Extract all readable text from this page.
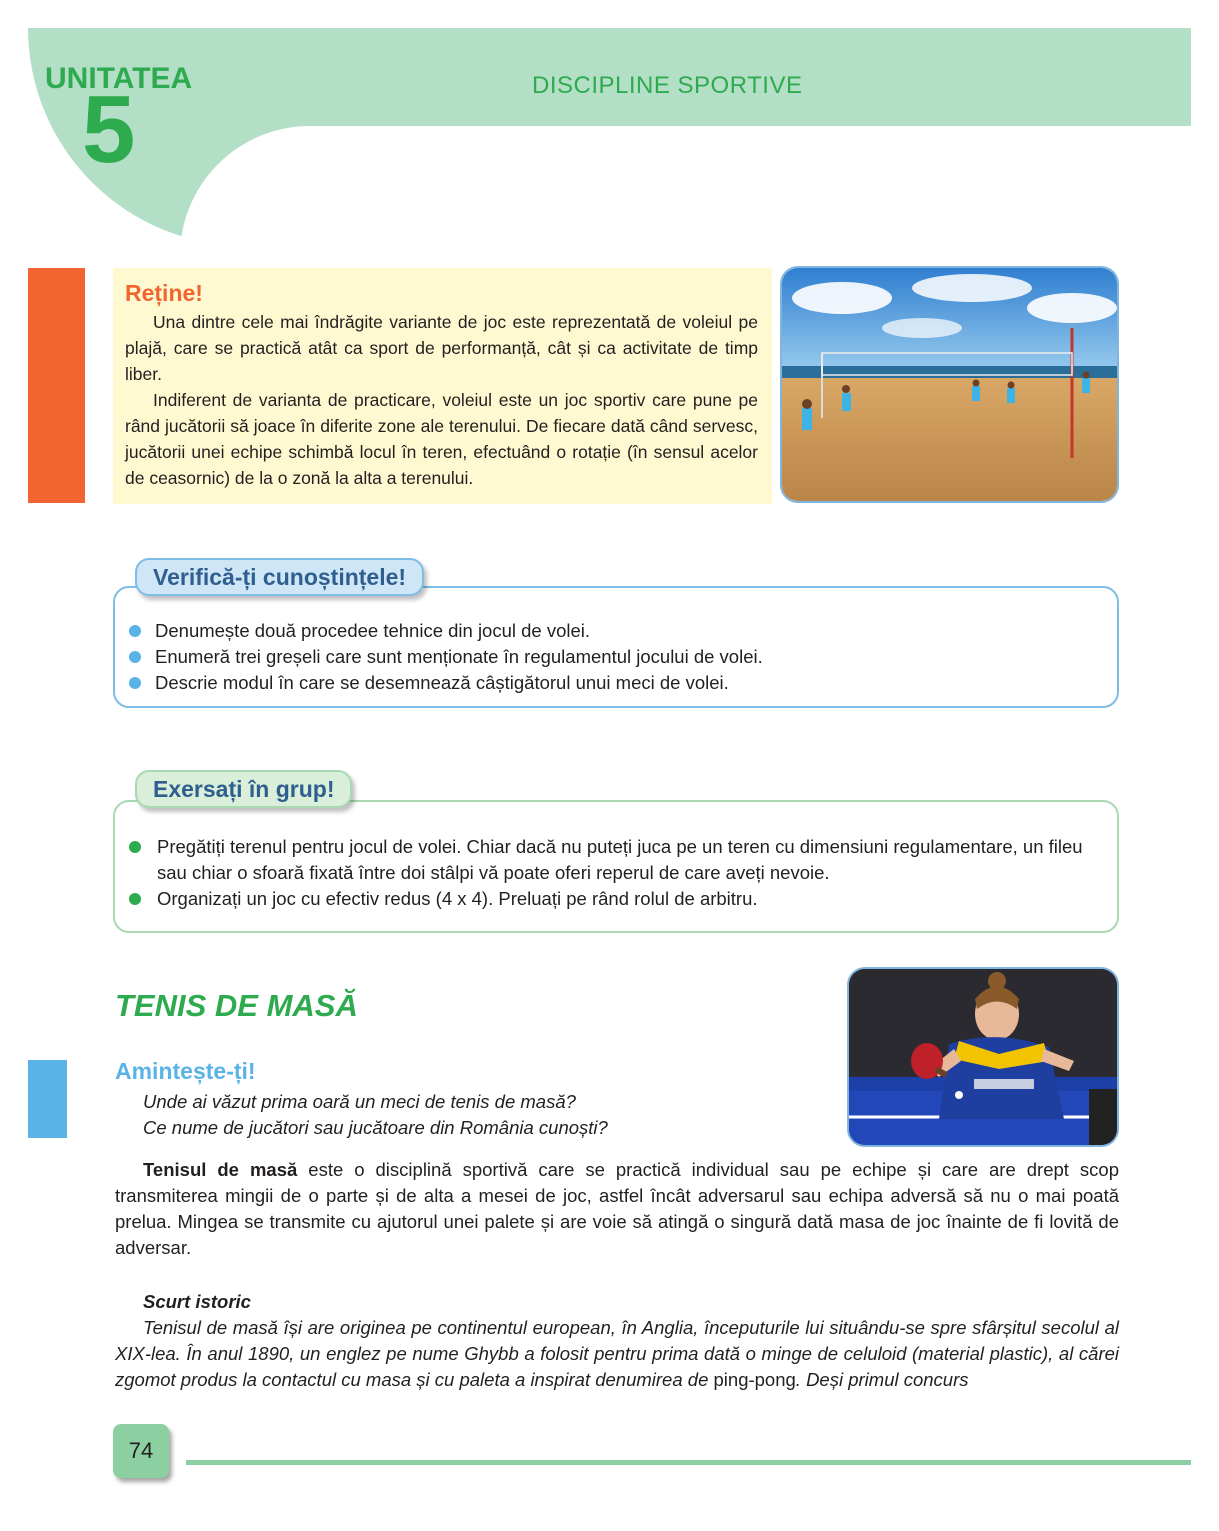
UNITATEA
5	DISCIPLINE SPORTIVE
Reține!

Una dintre cele mai îndrăgite variante de joc este reprezentată de voleiul pe plajă, care se practică atât ca sport de performanță, cât și ca activitate de timp liber.

Indiferent de varianta de practicare, voleiul este un joc sportiv care pune pe rând jucătorii să joace în diferite zone ale terenului. De fiecare dată când servesc, jucătorii unei echipe schimbă locul în teren, efectuând o rotație (în sensul acelor de ceasornic) de la o zonă la alta a terenului.

Denumește două procedee tehnice din jocul de volei.
Enumeră trei greșeli care sunt menționate în regulamentul jocului de volei.
Descrie modul în care se desemnează câștigătorul unui meci de volei.
Verifică-ți cunoștințele!
Pregătiți terenul pentru jocul de volei. Chiar dacă nu puteți juca pe un teren cu dimensiuni regulamentare, un fileu sau chiar o sfoară fixată între doi stâlpi vă poate oferi reperul de care aveți nevoie.
Organizați un joc cu efectiv redus (4 x 4). Preluați pe rând rolul de arbitru.
Exersați în grup!
TENIS DE MASĂ
Amintește-ți!
Unde ai văzut prima oară un meci de tenis de masă?
Ce nume de jucători sau jucătoare din România cunoști?

Tenisul de masă este o disciplină sportivă care se practică individual sau pe echipe și care are drept scop transmiterea mingii de o parte și de alta a mesei de joc, astfel încât adversarul sau echipa adversă să nu o mai poată prelua. Mingea se transmite cu ajutorul unei palete și are voie să atingă o singură dată masa de joc înainte de fi lovită de adversar.

Scurt istoric

Tenisul de masă își are originea pe continentul european, în Anglia, începuturile lui situându-se spre sfârșitul secolul al XIX-lea. În anul 1890, un englez pe nume Ghybb a folosit pentru prima dată o minge de celuloid (material plastic), al cărei zgomot produs la contactul cu masa și cu paleta a inspirat denumirea de ping-pong. Deși primul concurs

74
